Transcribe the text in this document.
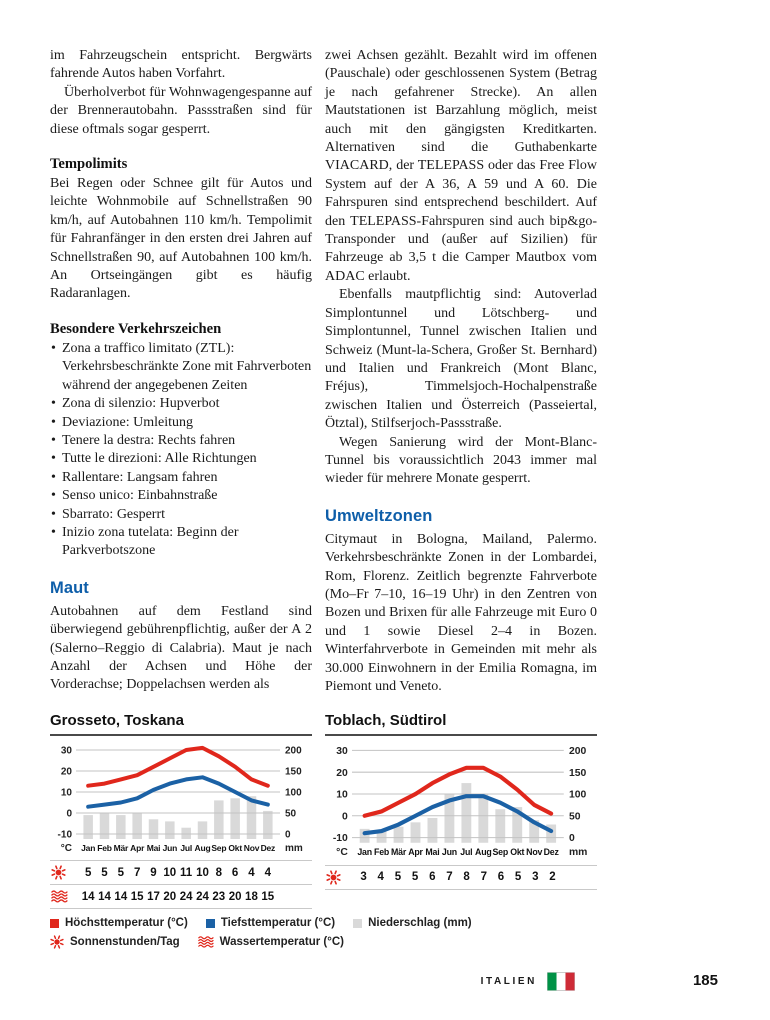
im Fahrzeugschein entspricht. Bergwärts fahrende Autos haben Vorfahrt.

Überholverbot für Wohnwagengespanne auf der Brennerautobahn. Passstraßen sind für diese oftmals sogar gesperrt.

Tempolimits

Bei Regen oder Schnee gilt für Autos und leichte Wohnmobile auf Schnellstraßen 90 km/h, auf Autobahnen 110 km/h. Tempolimit für Fahranfänger in den ersten drei Jahren auf Schnellstraßen 90, auf Autobahnen 100 km/h. An Ortseingängen gibt es häufig Radaranlagen.

Besondere Verkehrszeichen
• Zona a traffico limitato (ZTL): Verkehrsbeschränkte Zone mit Fahrverboten während der angegebenen Zeiten
• Zona di silenzio: Hupverbot
• Deviazione: Umleitung
• Tenere la destra: Rechts fahren
• Tutte le direzioni: Alle Richtungen
• Rallentare: Langsam fahren
• Senso unico: Einbahnstraße
• Sbarrato: Gesperrt
• Inizio zona tutelata: Beginn der Parkverbotszone
Maut

Autobahnen auf dem Festland sind überwiegend gebührenpflichtig, außer der A 2 (Salerno–Reggio di Calabria). Maut je nach Anzahl der Achsen und Höhe der Vorderachse; Doppelachsen werden als

zwei Achsen gezählt. Bezahlt wird im offenen (Pauschale) oder geschlossenen System (Betrag je nach gefahrener Strecke). An allen Mautstationen ist Barzahlung möglich, meist auch mit den gängigsten Kreditkarten. Alternativen sind die Guthabenkarte VIACARD, der TELEPASS oder das Free Flow System auf der A 36, A 59 und A 60. Die Fahrspuren sind entsprechend beschildert. Auf den TELEPASS-Fahrspuren sind auch bip&go-Transponder und (außer auf Sizilien) für Fahrzeuge ab 3,5 t die Camper Mautbox vom ADAC erlaubt.

Ebenfalls mautpflichtig sind: Autoverlad Simplontunnel und Lötschberg- und Simplontunnel, Tunnel zwischen Italien und Schweiz (Munt-la-Schera, Großer St. Bernhard) und Italien und Frankreich (Mont Blanc, Fréjus), Timmelsjoch-Hochalpenstraße zwischen Italien und Österreich (Passeiertal, Ötztal), Stilfserjoch-Passstraße.

Wegen Sanierung wird der Mont-Blanc-Tunnel bis voraussichtlich 2043 immer mal wieder für mehrere Monate gesperrt.

Umweltzonen

Citymaut in Bologna, Mailand, Palermo. Verkehrsbeschränkte Zonen in der Lombardei, Rom, Florenz. Zeitlich begrenzte Fahrverbote (Mo–Fr 7–10, 16–19 Uhr) in den Zentren von Bozen und Brixen für alle Fahrzeuge mit Euro 0 und 1 sowie Diesel 2–4 in Bozen. Winterfahrverbote in Gemeinden mit mehr als 30.000 Einwohnern in der Emilia Romagna, im Piemont und Veneto.

Grosseto, Toskana
30	200
20	150
10	100
0	50
-10	0
°C	mm
Jan Feb Mär Apr Mai Jun Jul Aug Sep Okt Nov Dez
5 5 5 7 9 10 11 10 8 6 4 4
14 14 14 15 17 20 24 24 23 20 18 15
Toblach, Südtirol
30	200
20	150
10	100
0	50
-10	0
°C	mm
Jan Feb Mär Apr Mai Jun Jul Aug Sep Okt Nov Dez
3 4 5 5 6 7 8 7 6 5 3 2
Höchsttemperatur (°C)	Tiefsttemperatur (°C)	Niederschlag (mm)
Sonnenstunden/Tag	Wassertemperatur (°C)
ITALIEN	185
